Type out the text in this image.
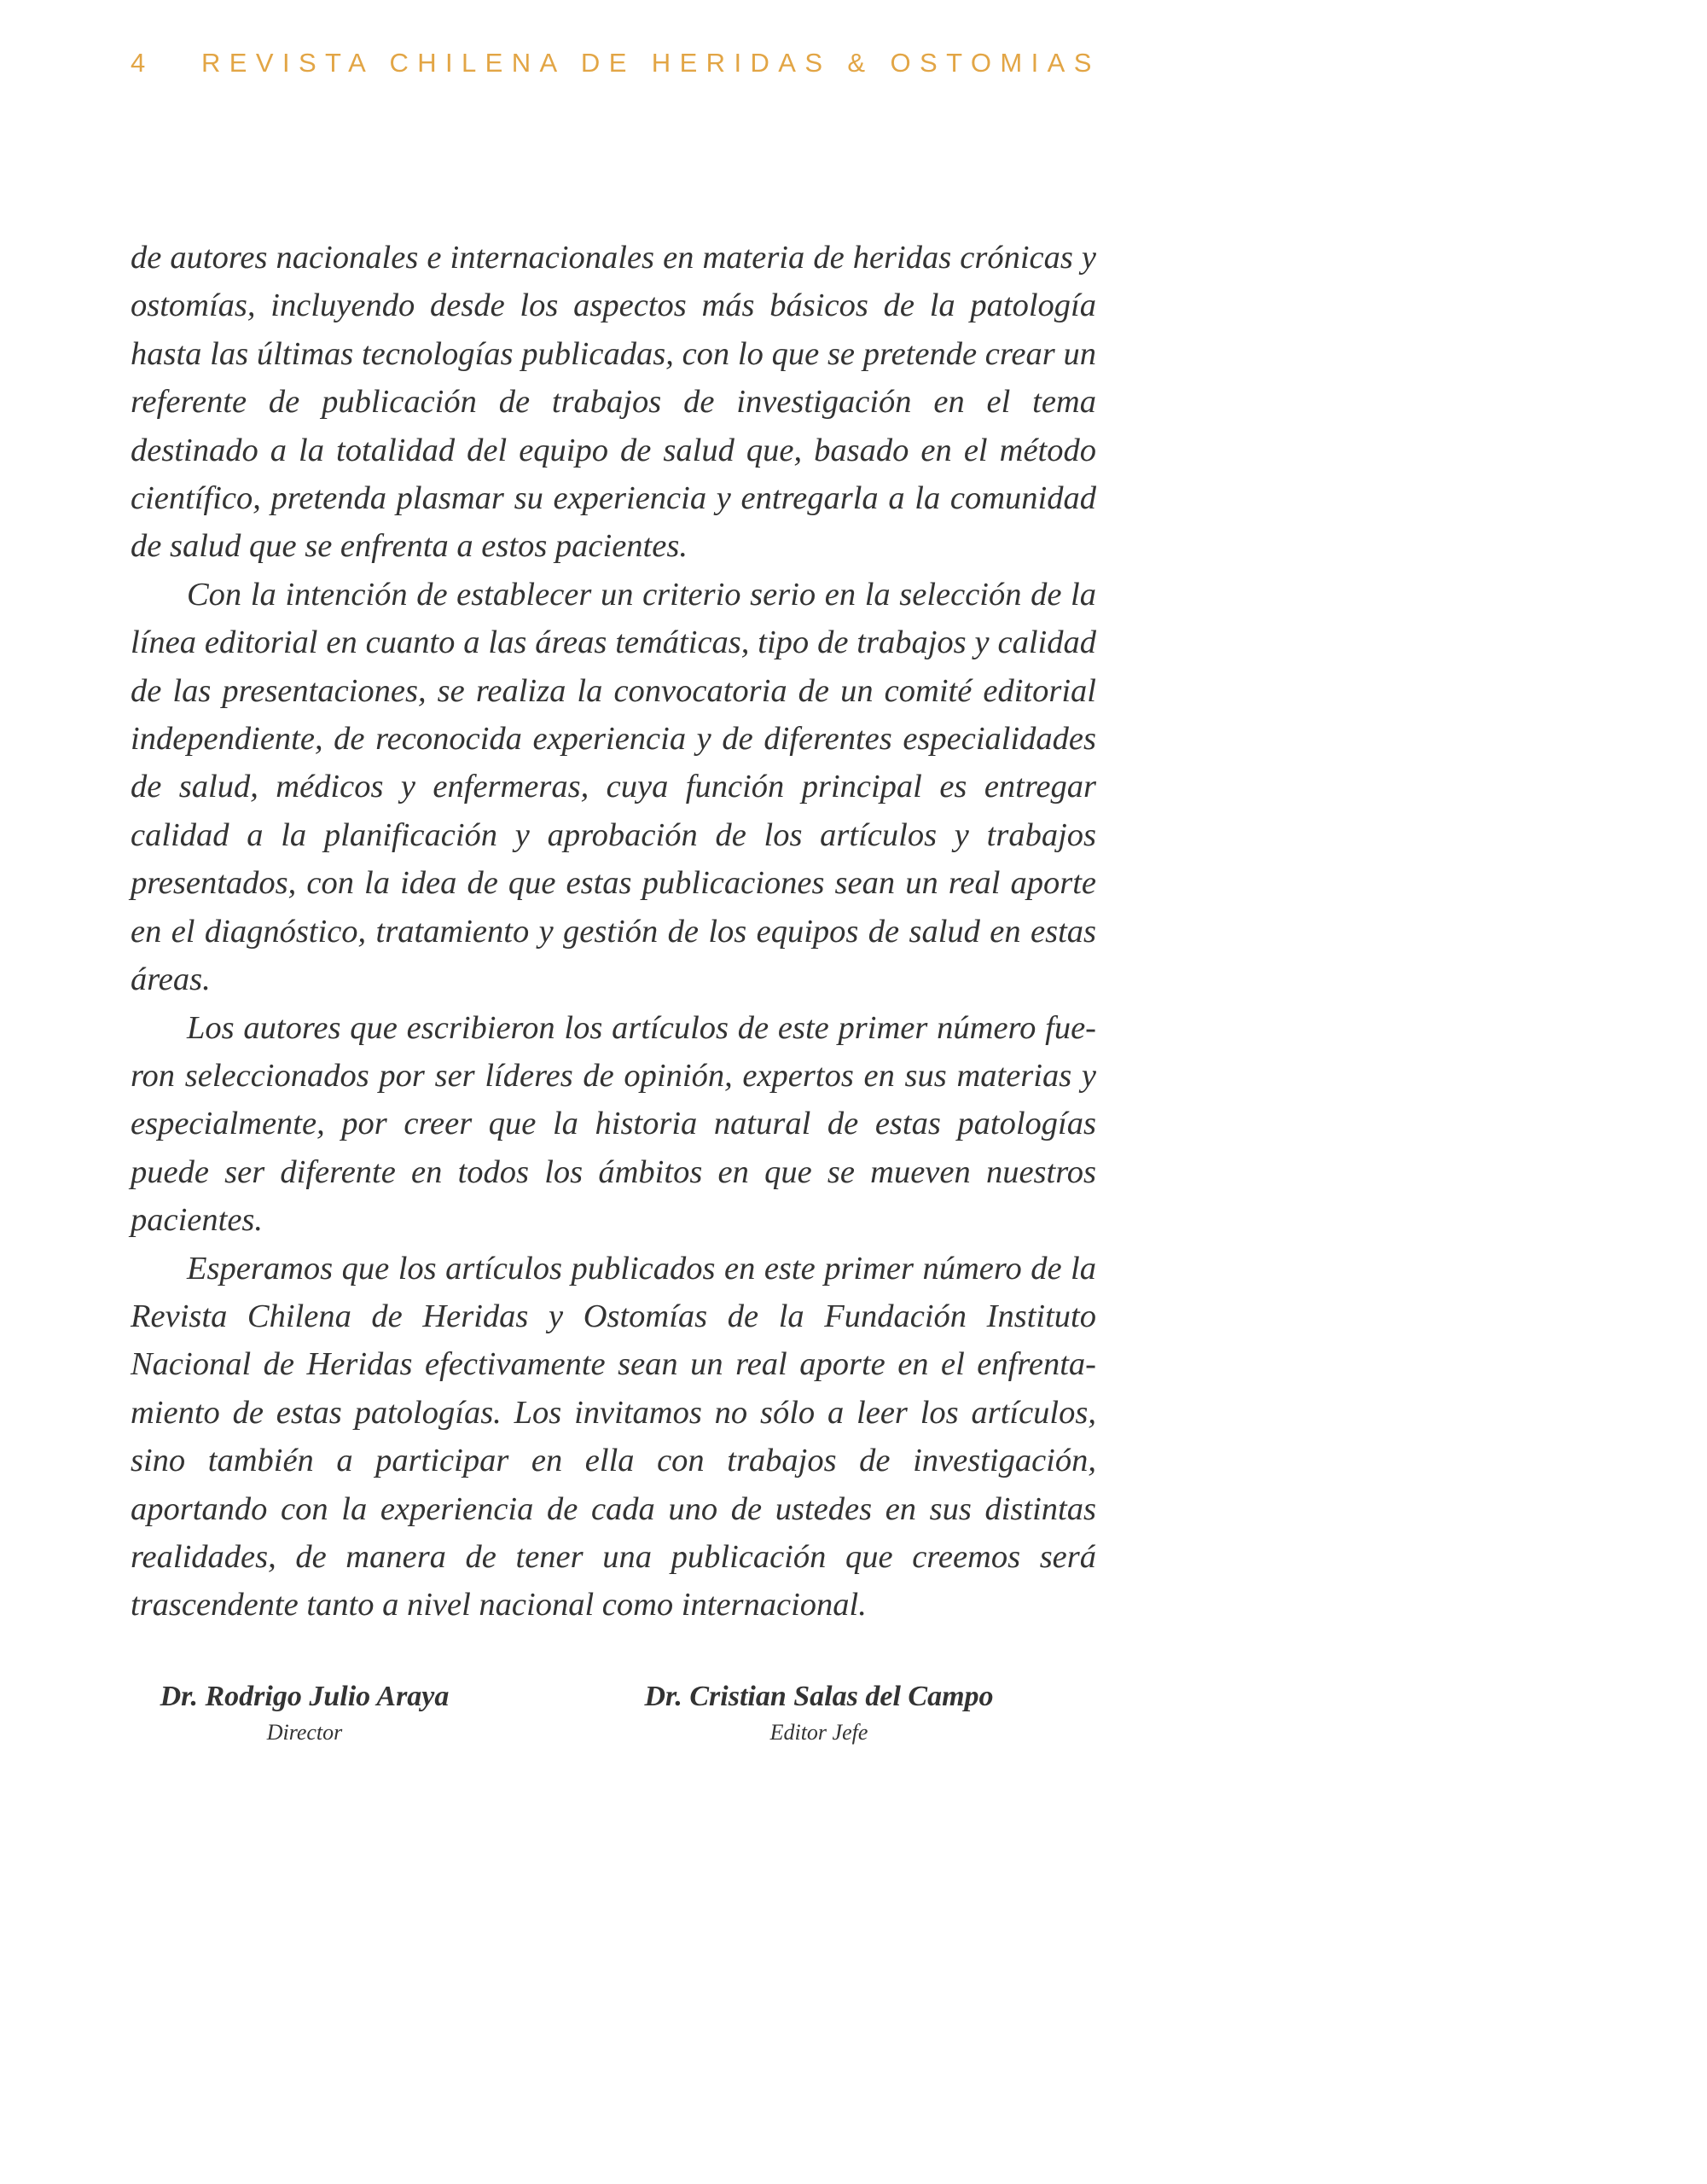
4	REVISTA CHILENA DE HERIDAS & OSTOMIAS

de autores nacionales e internacionales en materia de heridas crónicas y ostomías, incluyendo desde los aspectos más básicos de la patología hasta las últimas tecnologías publicadas, con lo que se pretende crear un referente de publicación de trabajos de investigación en el tema destinado a la totalidad del equipo de salud que, basado en el método científico, pretenda plasmar su experiencia y entregarla a la comunidad de salud que se enfrenta a estos pacientes.

Con la intención de establecer un criterio serio en la selección de la línea editorial en cuanto a las áreas temáticas, tipo de trabajos y calidad de las presentaciones, se realiza la convocatoria de un comité editorial independiente, de reconocida experiencia y de diferentes especialidades de salud, médicos y enfermeras, cuya función principal es entregar calidad a la planificación y aprobación de los artículos y trabajos presentados, con la idea de que estas publicaciones sean un real aporte en el diagnóstico, tratamiento y gestión de los equipos de salud en estas áreas.

Los autores que escribieron los artículos de este primer número fueron seleccionados por ser líderes de opinión, expertos en sus materias y especialmente, por creer que la historia natural de estas patologías puede ser diferente en todos los ámbitos en que se mueven nuestros pacientes.

Esperamos que los artículos publicados en este primer número de la Revista Chilena de Heridas y Ostomías de la Fundación Instituto Nacional de Heridas efectivamente sean un real aporte en el enfrentamiento de estas patologías. Los invitamos no sólo a leer los artículos, sino también a participar en ella con trabajos de investigación, aportando con la experiencia de cada uno de ustedes en sus distintas realidades, de manera de tener una publicación que creemos será trascendente tanto a nivel nacional como internacional.

Dr. Rodrigo Julio Araya
Director
Dr. Cristian Salas del Campo
Editor Jefe
